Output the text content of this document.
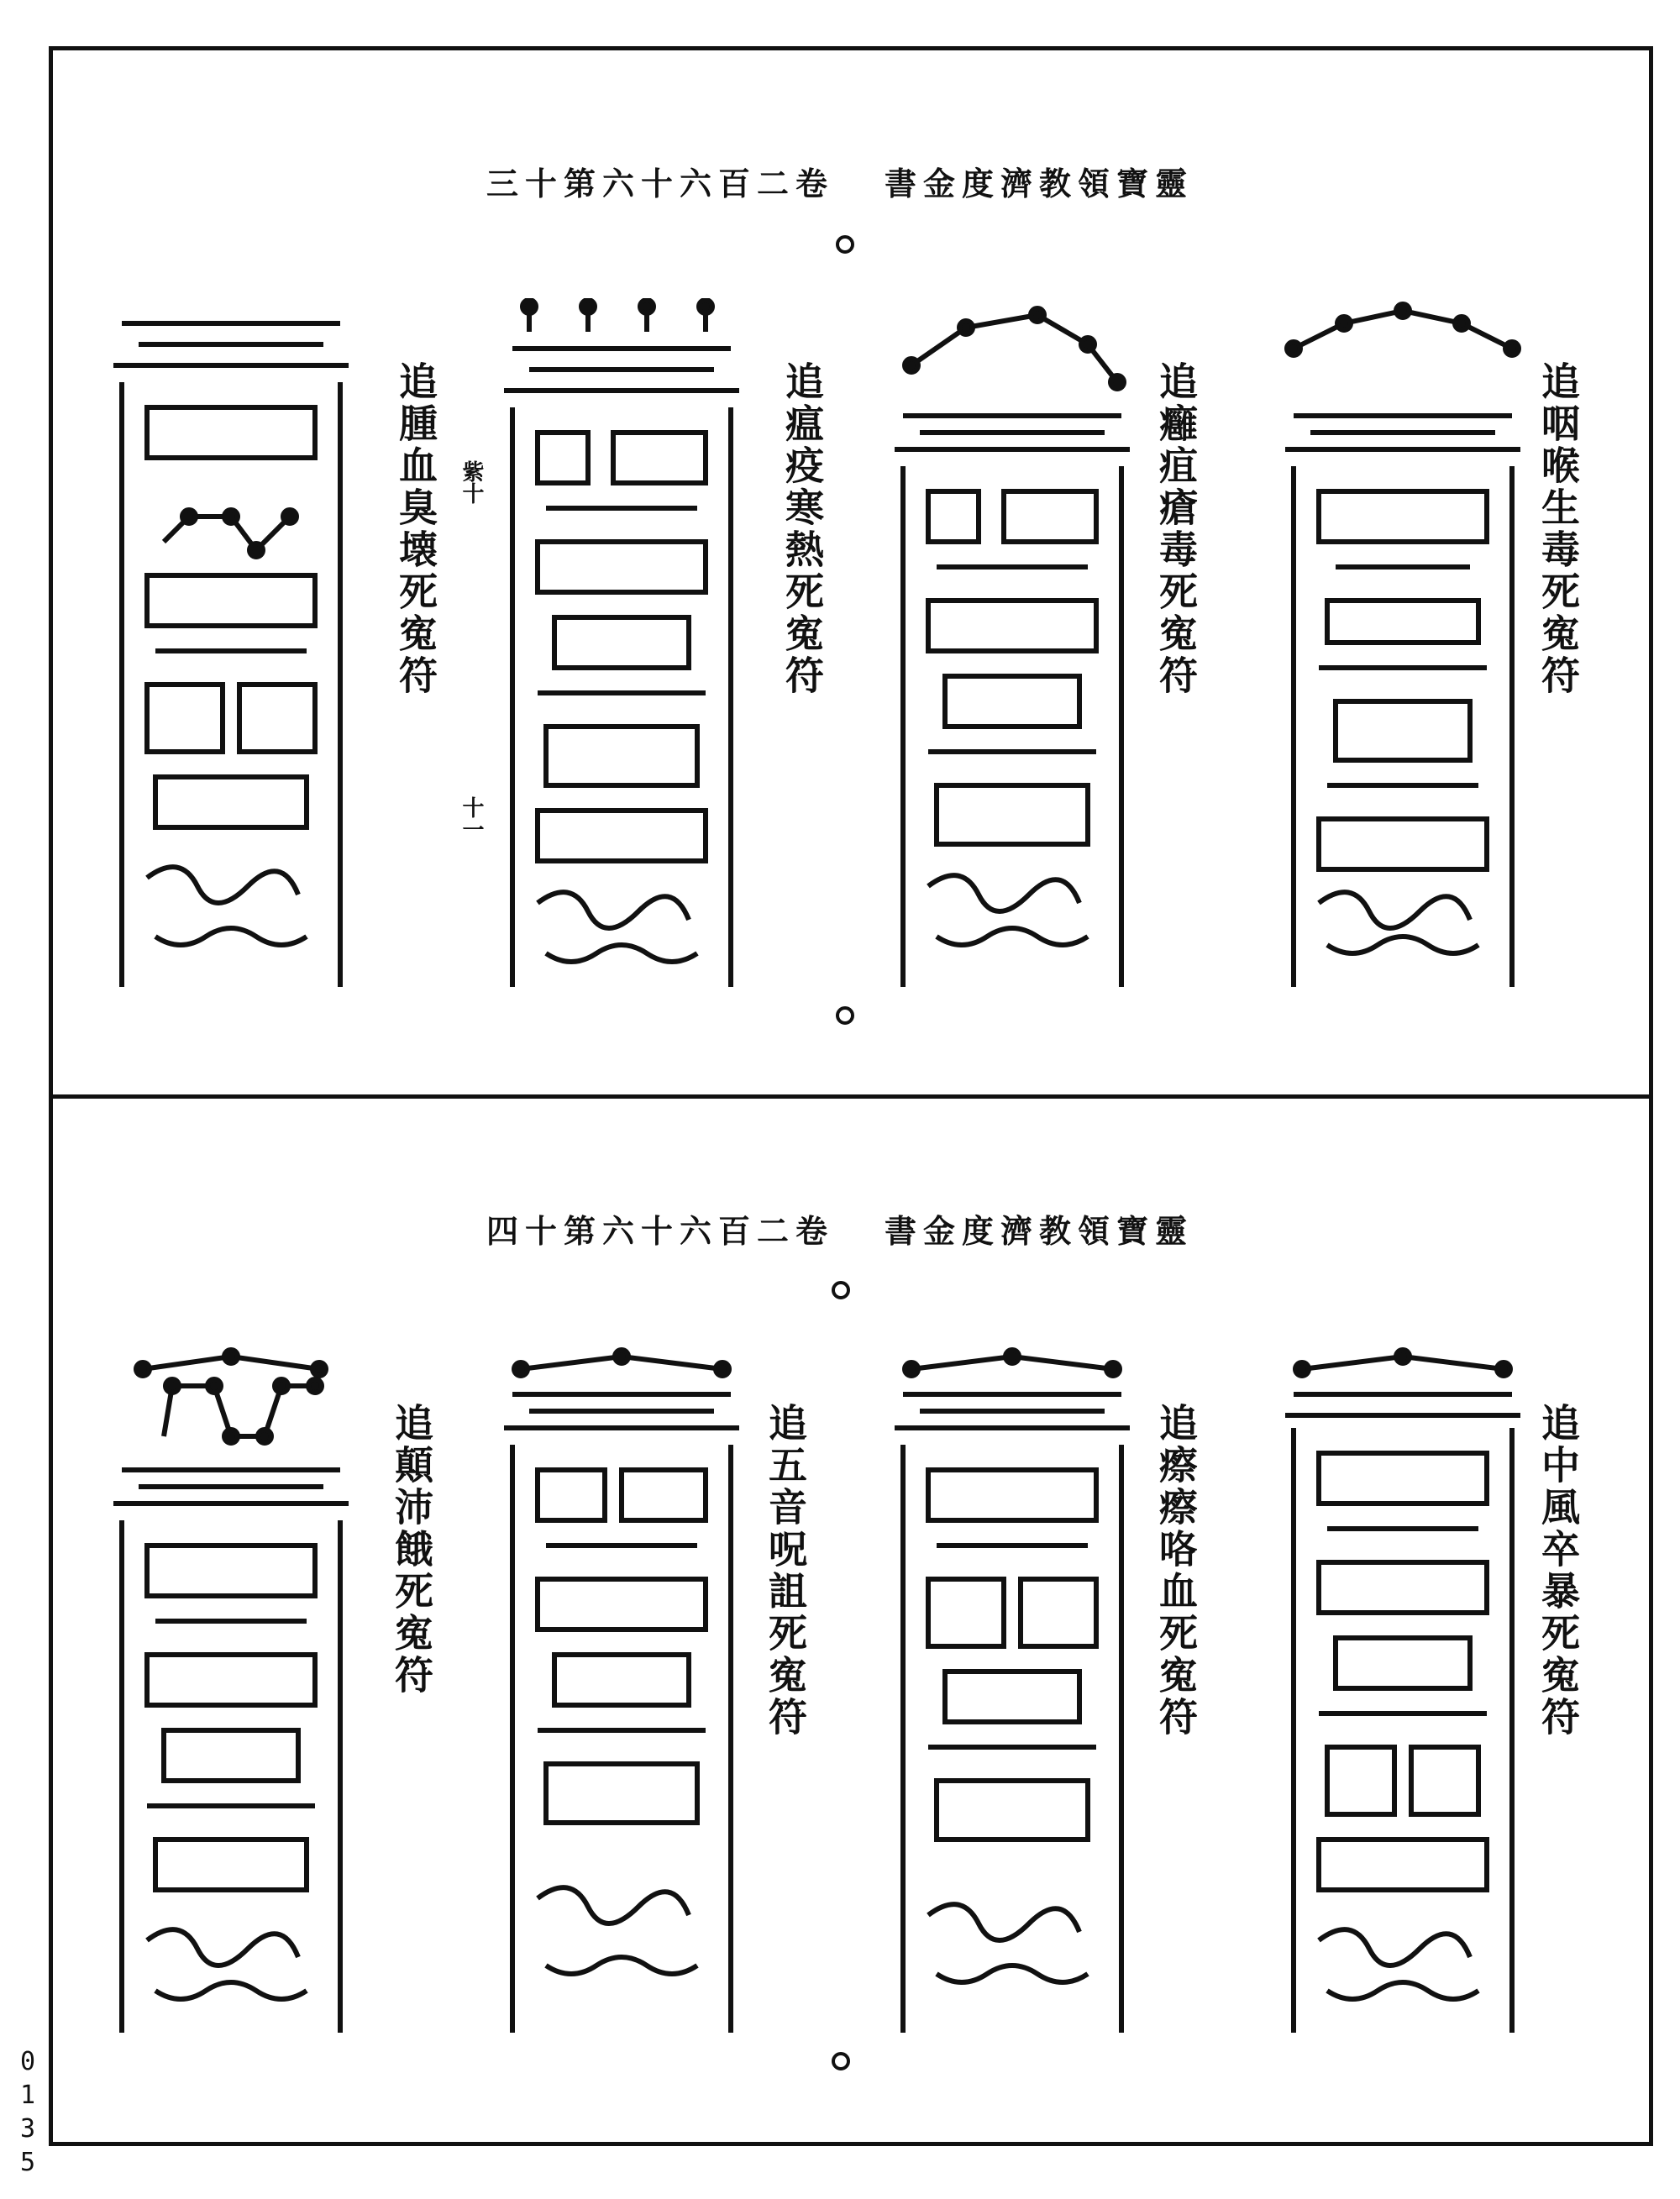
卷二百六十六第十三 靈寶領教濟度金書
追咽喉生毒死寃符
追癰疽瘡毒死寃符
追瘟疫寒熱死寃符
追腫血臭壊死寃符 紫十
十一
卷二百六十六第十四 靈寶領教濟度金書
追中風卒暴死寃符
追瘵瘵咯血死寃符
追五音呪詛死寃符
追顛沛餓死寃符
0
1
3
5
